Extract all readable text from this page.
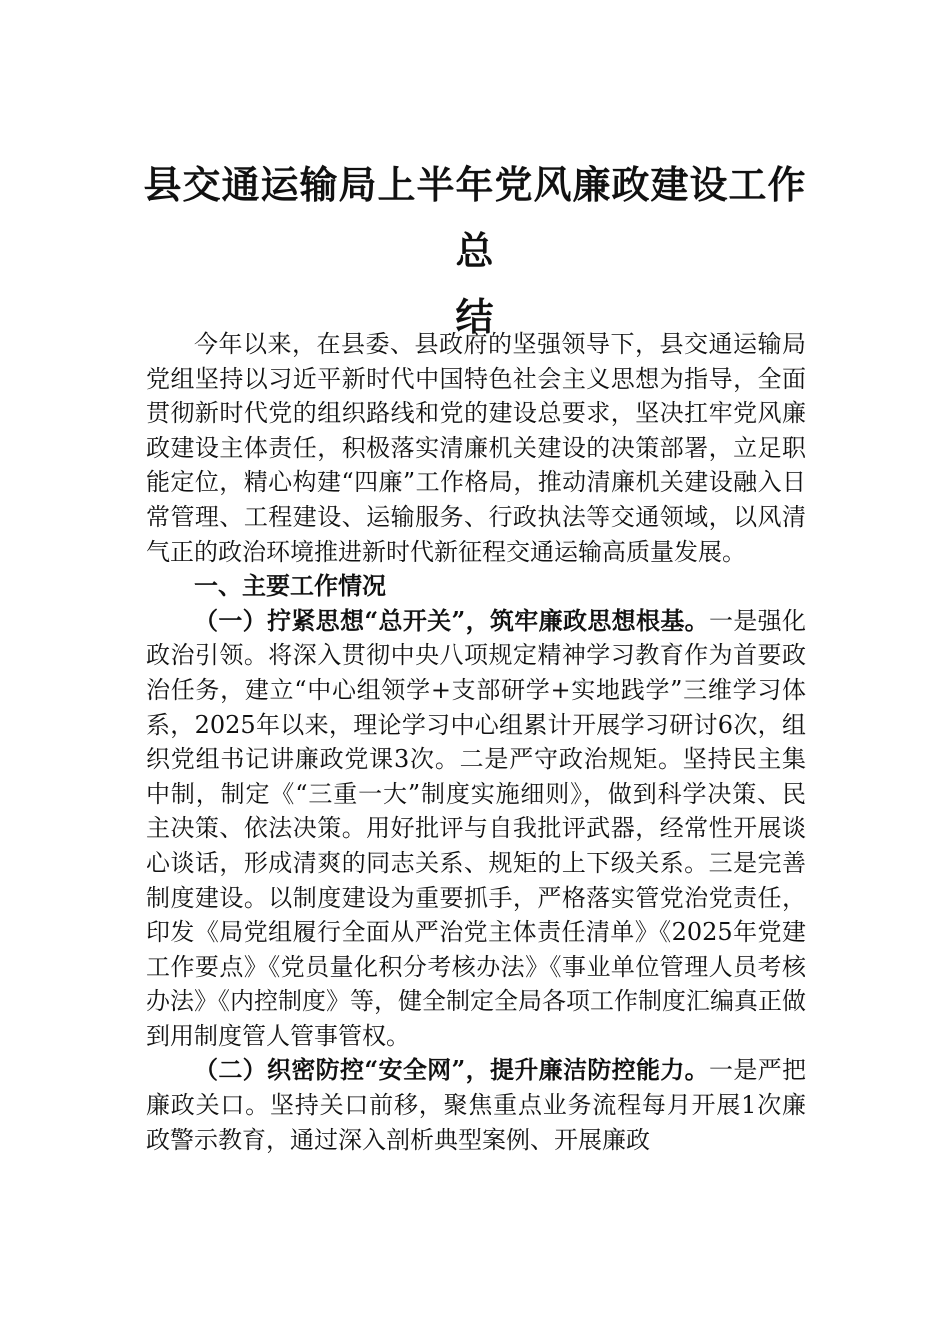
县交通运输局上半年党风廉政建设工作总
结

今年以来，在县委、县政府的坚强领导下，县交通运输局党组坚持以习近平新时代中国特色社会主义思想为指导，全面贯彻新时代党的组织路线和党的建设总要求，坚决扛牢党风廉政建设主体责任，积极落实清廉机关建设的决策部署，立足职能定位，精心构建“四廉”工作格局，推动清廉机关建设融入日常管理、工程建设、运输服务、行政执法等交通领域，以风清气正的政治环境推进新时代新征程交通运输高质量发展。

一、主要工作情况

（一）拧紧思想“总开关”，筑牢廉政思想根基。一是强化政治引领。将深入贯彻中央八项规定精神学习教育作为首要政治任务，建立“中心组领学+支部研学+实地践学”三维学习体系，2025年以来，理论学习中心组累计开展学习研讨6次，组织党组书记讲廉政党课3次。二是严守政治规矩。坚持民主集中制，制定《“三重一大”制度实施细则》，做到科学决策、民主决策、依法决策。用好批评与自我批评武器，经常性开展谈心谈话，形成清爽的同志关系、规矩的上下级关系。三是完善制度建设。以制度建设为重要抓手，严格落实管党治党责任，印发《局党组履行全面从严治党主体责任清单》《2025年党建工作要点》《党员量化积分考核办法》《事业单位管理人员考核办法》《内控制度》等，健全制定全局各项工作制度汇编真正做到用制度管人管事管权。

（二）织密防控“安全网”，提升廉洁防控能力。一是严把廉政关口。坚持关口前移，聚焦重点业务流程每月开展1次廉政警示教育，通过深入剖析典型案例、开展廉政
